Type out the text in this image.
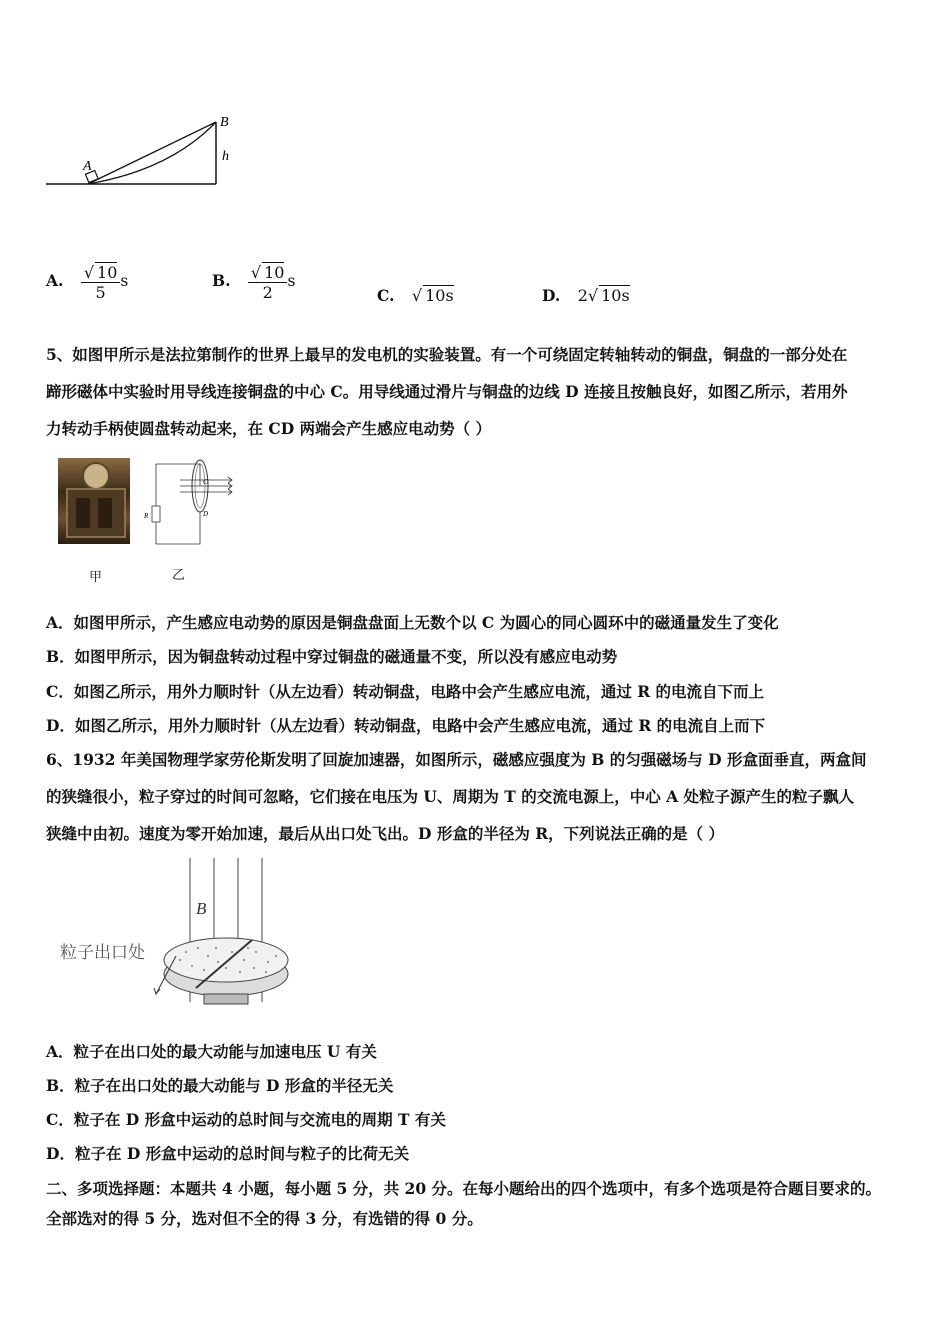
A
B
h
A. $\frac{√ 10}{5}$ s	B. $\frac{√ 10}{2}$ s
C. √ 10s	D. 2√ 10s
5、如图甲所示是法拉第制作的世界上最早的发电机的实验装置。有一个可绕固定转轴转动的铜盘，铜盘的一部分处在
蹄形磁体中实验时用导线连接铜盘的中心 C。用导线通过滑片与铜盘的边线 D 连接且按触良好，如图乙所示，若用外
力转动手柄使圆盘转动起来，在 CD 两端会产生感应电动势（ ）
R
C
D
甲	乙
A．如图甲所示，产生感应电动势的原因是铜盘盘面上无数个以 C 为圆心的同心圆环中的磁通量发生了变化
B．如图甲所示，因为铜盘转动过程中穿过铜盘的磁通量不变，所以没有感应电动势
C．如图乙所示，用外力顺时针（从左边看）转动铜盘，电路中会产生感应电流，通过 R 的电流自下而上
D．如图乙所示，用外力顺时针（从左边看）转动铜盘，电路中会产生感应电流，通过 R 的电流自上而下
6、1932 年美国物理学家劳伦斯发明了回旋加速器，如图所示，磁感应强度为 B 的匀强磁场与 D 形盒面垂直，两盒间
的狭缝很小，粒子穿过的时间可忽略，它们接在电压为 U、周期为 T 的交流电源上，中心 A 处粒子源产生的粒子飘人
狭缝中由初。速度为零开始加速，最后从出口处飞出。D 形盒的半径为 R，下列说法正确的是（ ）
B
粒子出口处
A．粒子在出口处的最大动能与加速电压 U 有关
B．粒子在出口处的最大动能与 D 形盒的半径无关
C．粒子在 D 形盒中运动的总时间与交流电的周期 T 有关
D．粒子在 D 形盒中运动的总时间与粒子的比荷无关
二、多项选择题：本题共 4 小题，每小题 5 分，共 20 分。在每小题给出的四个选项中，有多个选项是符合题目要求的。
全部选对的得 5 分，选对但不全的得 3 分，有选错的得 0 分。
